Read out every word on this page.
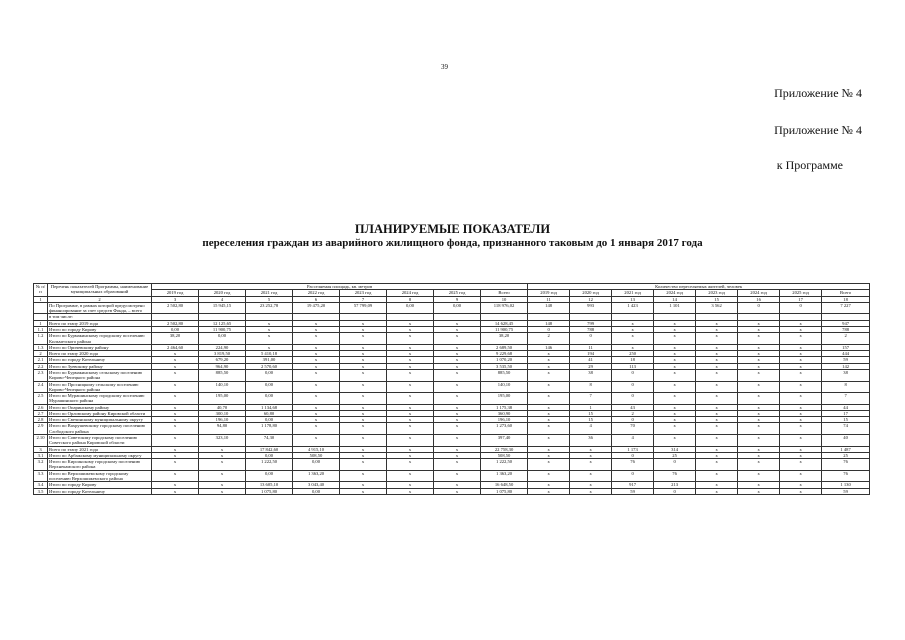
39
Приложение № 4
Приложение № 4
к Программе
ПЛАНИРУЕМЫЕ ПОКАЗАТЕЛИ
переселения граждан из аварийного жилищного фонда, признанного таковым до 1 января 2017 года
№ п/п	Перечень показателей Программы, наименование муниципальных образований	Расселяемая площадь, кв. метров								Количество переселяемых жителей, человек							
		2019 год	2020 год	2021 год	2022 год	2023 год	2024 год	2025 год	Всего	2019 год	2020 год	2021 год	2024 год	2023 год	2024 год	2025 год	Всего
1	2	3	4	5	6	7	8	9	10	11	12	13	14	15	16	17	18
	По Программе, в рамках которой предусмотрено финансирование за счет средств Фонда, – всего	2 502,80	15 945,15	23 252,78	19 475,20	57 799,09	0,00	0,00	118 976,02	148	993	1 423	1 101	3 562	0	0	7 227
	в том числе:																
1	Всего по этапу 2019 года	2 502,80	12 125,65	x	x	x	x	x	14 628,45	148	799	x	x	x	x	x	947
1.1	Итого по городу Кирову	0,00	11 900,75	x	x	x	x	x	11 900,75	0	788	x	x	x	x	x	788
1.2	Итого по Бурмакинскому городскому поселению Кильмезского района	38,20	0,00	x	x	x	x	x	38,20	2	0	x	x	x	x	x	2
1.3	Итого по Оричевскому району	2 464,60	224,90	x	x	x	x	x	2 689,50	146	11	x	x	x	x	x	157
2	Всего по этапу 2020 года	x	3 819,50	5 410,18	x	x	x	x	9 229,68	x	194	250	x	x	x	x	444
2.1	Итого по городу Котельничу	x	679,20	391,00	x	x	x	x	1 070,20	x	41	18	x	x	x	x	59
2.2	Итого по Зуевскому району	x	964,90	2 570,60	x	x	x	x	3 535,50	x	29	113	x	x	x	x	142
2.3	Итого по Бурмакинскому сельскому поселению Кирово-Чепецкого района	x	885,50	0,00	x	x	x	x	885,50	x	38	0	x	x	x	x	38
2.4	Итого по Просницкому сельскому поселению Кирово-Чепецкого района	x	140,10	0,00	x	x	x	x	140,10	x	8	0	x	x	x	x	8
2.5	Итого по Мурашинскому городскому поселению Мурашинского района	x	195,00	0,00	x	x	x	x	195,00	x	7	0	x	x	x	x	7
2.6	Итого по Опаринскому району	x	40,70	1 134,68	x	x	x	x	1 175,38	x	1	43	x	x	x	x	44
2.7	Итого по Орловскому району Кировской области	x	300,10	60,80	x	x	x	x	360,90	x	15	2	x	x	x	x	17
2.8	Итого по Свечинскому муниципальному округу	x	196,10	0,00	x	x	x	x	196,10	x	15	0	x	x	x	x	15
2.9	Итого по Вахрушевскому городскому поселению Слободского района	x	94,80	1 178,80	x	x	x	x	1 273,60	x	4	70	x	x	x	x	74
2.10	Итого по Советскому городскому поселению Советского района Кировской области	x	323,10	74,30	x	x	x	x	397,40	x	36	4	x	x	x	x	40
3	Всего по этапу 2021 года	x	x	17 842,60	4 915,10	x	x	x	22 758,30	x	x	1 173	314	x	x	x	1 487
3.1	Итого по Арбажскому муниципальному округу	x	x	0,00	508,50	x	x	x	508,50	x	x	0	25	x	x	x	25
3.2	Итого по Кирсинскому городскому поселению Верхнекамского района	x	x	1 222,50	0,00	x	x	x	1 222,50	x	x	76	0	x	x	x	76
3.3	Итого по Верхошижемскому городскому поселению Верхошижемского района	x	x	0,00	1 363,20	x	x	x	1 363,20	x	x	0	76	x	x	x	76
3.4	Итого по городу Кирову	x	x	13 605,10	3 043,40	x	x	x	16 648,50	x	x	917	213	x	x	x	1 130
3.5	Итого по городу Котельничу	x	x	1 075,80	0,00	x	x	x	1 075,80	x	x	59	0	x	x	x	59
